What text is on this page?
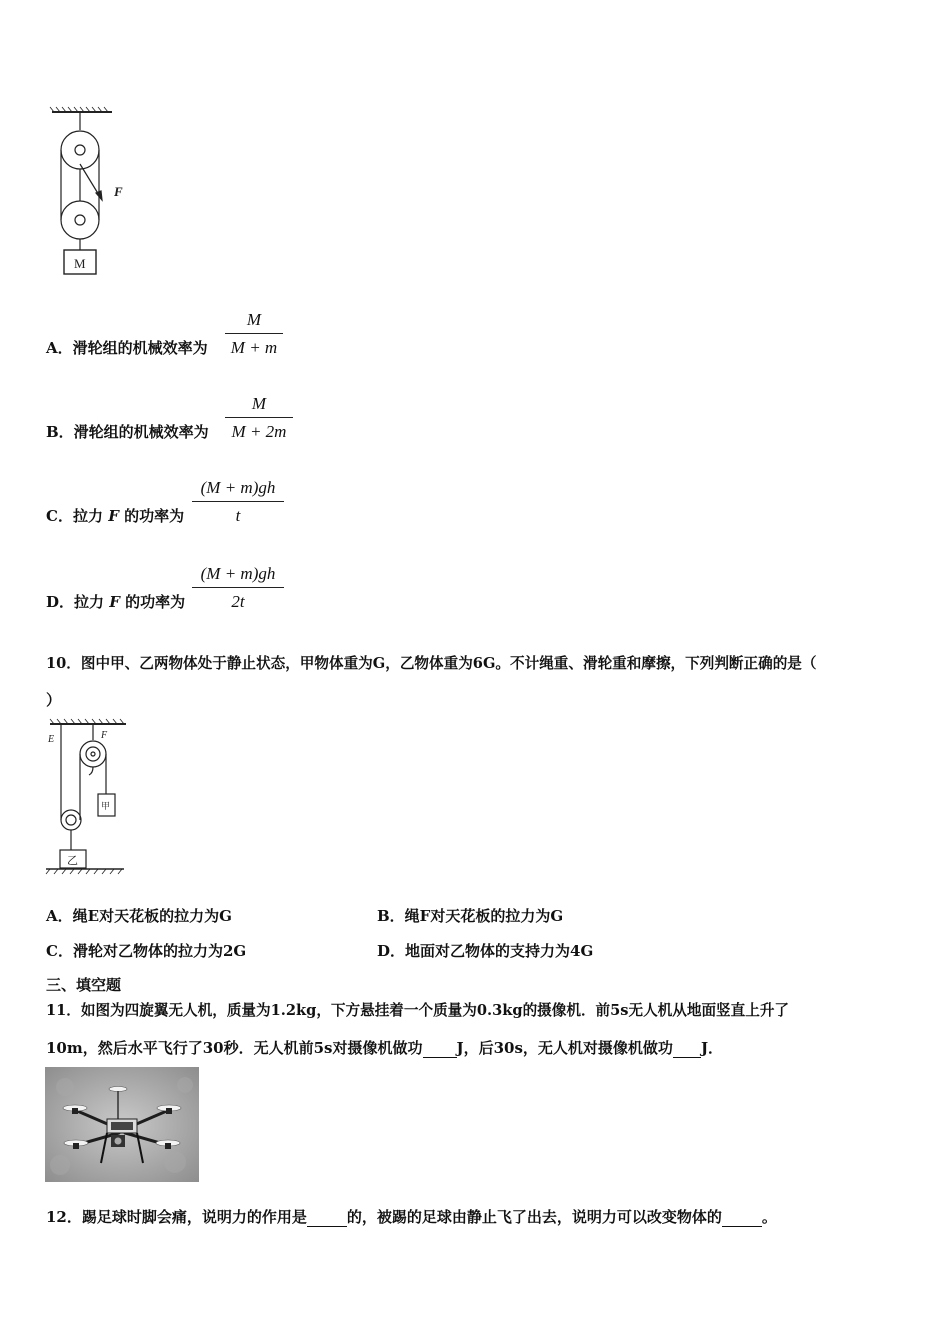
F
M
A．滑轮组的机械效率为
M
M + m
B．滑轮组的机械效率为
M
M + 2m
C．拉力 F 的功率为
(M + m)gh
t
D．拉力 F 的功率为
(M + m)gh
2t
10．图中甲、乙两物体处于静止状态，甲物体重为G，乙物体重为6G。不计绳重、滑轮重和摩擦，下列判断正确的是（
）
E	F
甲
乙
A．绳E对天花板的拉力为G	B．绳F对天花板的拉力为G
C．滑轮对乙物体的拉力为2G	D．地面对乙物体的支持力为4G
三、填空题
11．如图为四旋翼无人机，质量为1.2kg，下方悬挂着一个质量为0.3kg的摄像机．前5s无人机从地面竖直上升了
10m，然后水平飞行了30秒．无人机前5s对摄像机做功 J，后30s，无人机对摄像机做功 J．
12．踢足球时脚会痛，说明力的作用是	的，被踢的足球由静止飞了出去，说明力可以改变物体的	。
